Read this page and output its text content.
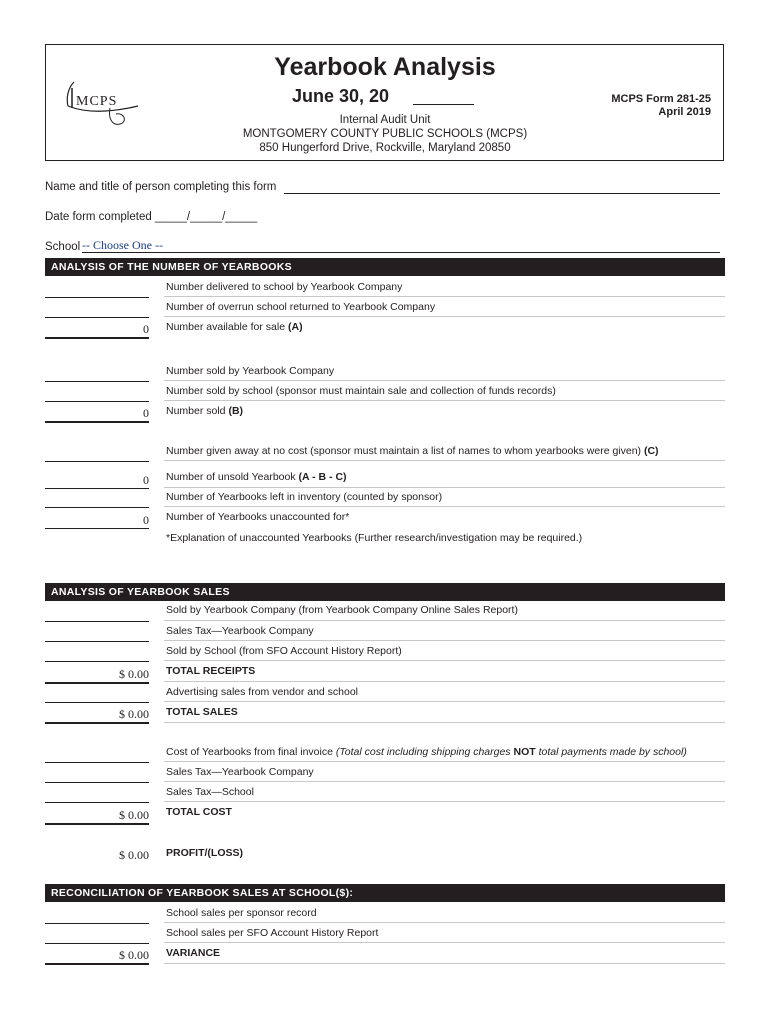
MCPS
Yearbook Analysis
June 30, 20
Internal Audit Unit
MONTGOMERY COUNTY PUBLIC SCHOOLS (MCPS)
850 Hungerford Drive, Rockville, Maryland 20850
MCPS Form 281-25
April 2019
Name and title of person completing this form
Date form completed _____/_____/_____
School -- Choose One --
ANALYSIS OF THE NUMBER OF YEARBOOKS
Number delivered to school by Yearbook Company
Number of overrun school returned to Yearbook Company
Number available for sale (A)
0
Number sold by Yearbook Company
Number sold by school (sponsor must maintain sale and collection of funds records)
Number sold (B)
0
Number given away at no cost (sponsor must maintain a list of names to whom yearbooks were given) (C)
Number of unsold Yearbook (A - B - C)
0
Number of Yearbooks left in inventory (counted by sponsor)
Number of Yearbooks unaccounted for*
0
*Explanation of unaccounted Yearbooks (Further research/investigation may be required.)
ANALYSIS OF YEARBOOK SALES
Sold by Yearbook Company (from Yearbook Company Online Sales Report)
Sales Tax—Yearbook Company
Sold by School (from SFO Account History Report)
TOTAL RECEIPTS
$ 0.00
Advertising sales from vendor and school
TOTAL SALES
$ 0.00
Cost of Yearbooks from final invoice (Total cost including shipping charges NOT total payments made by school)
Sales Tax—Yearbook Company
Sales Tax—School
TOTAL COST
$ 0.00
PROFIT/(LOSS)
$ 0.00
RECONCILIATION OF YEARBOOK SALES AT SCHOOL($):
School sales per sponsor record
School sales per SFO Account History Report
VARIANCE
$ 0.00
